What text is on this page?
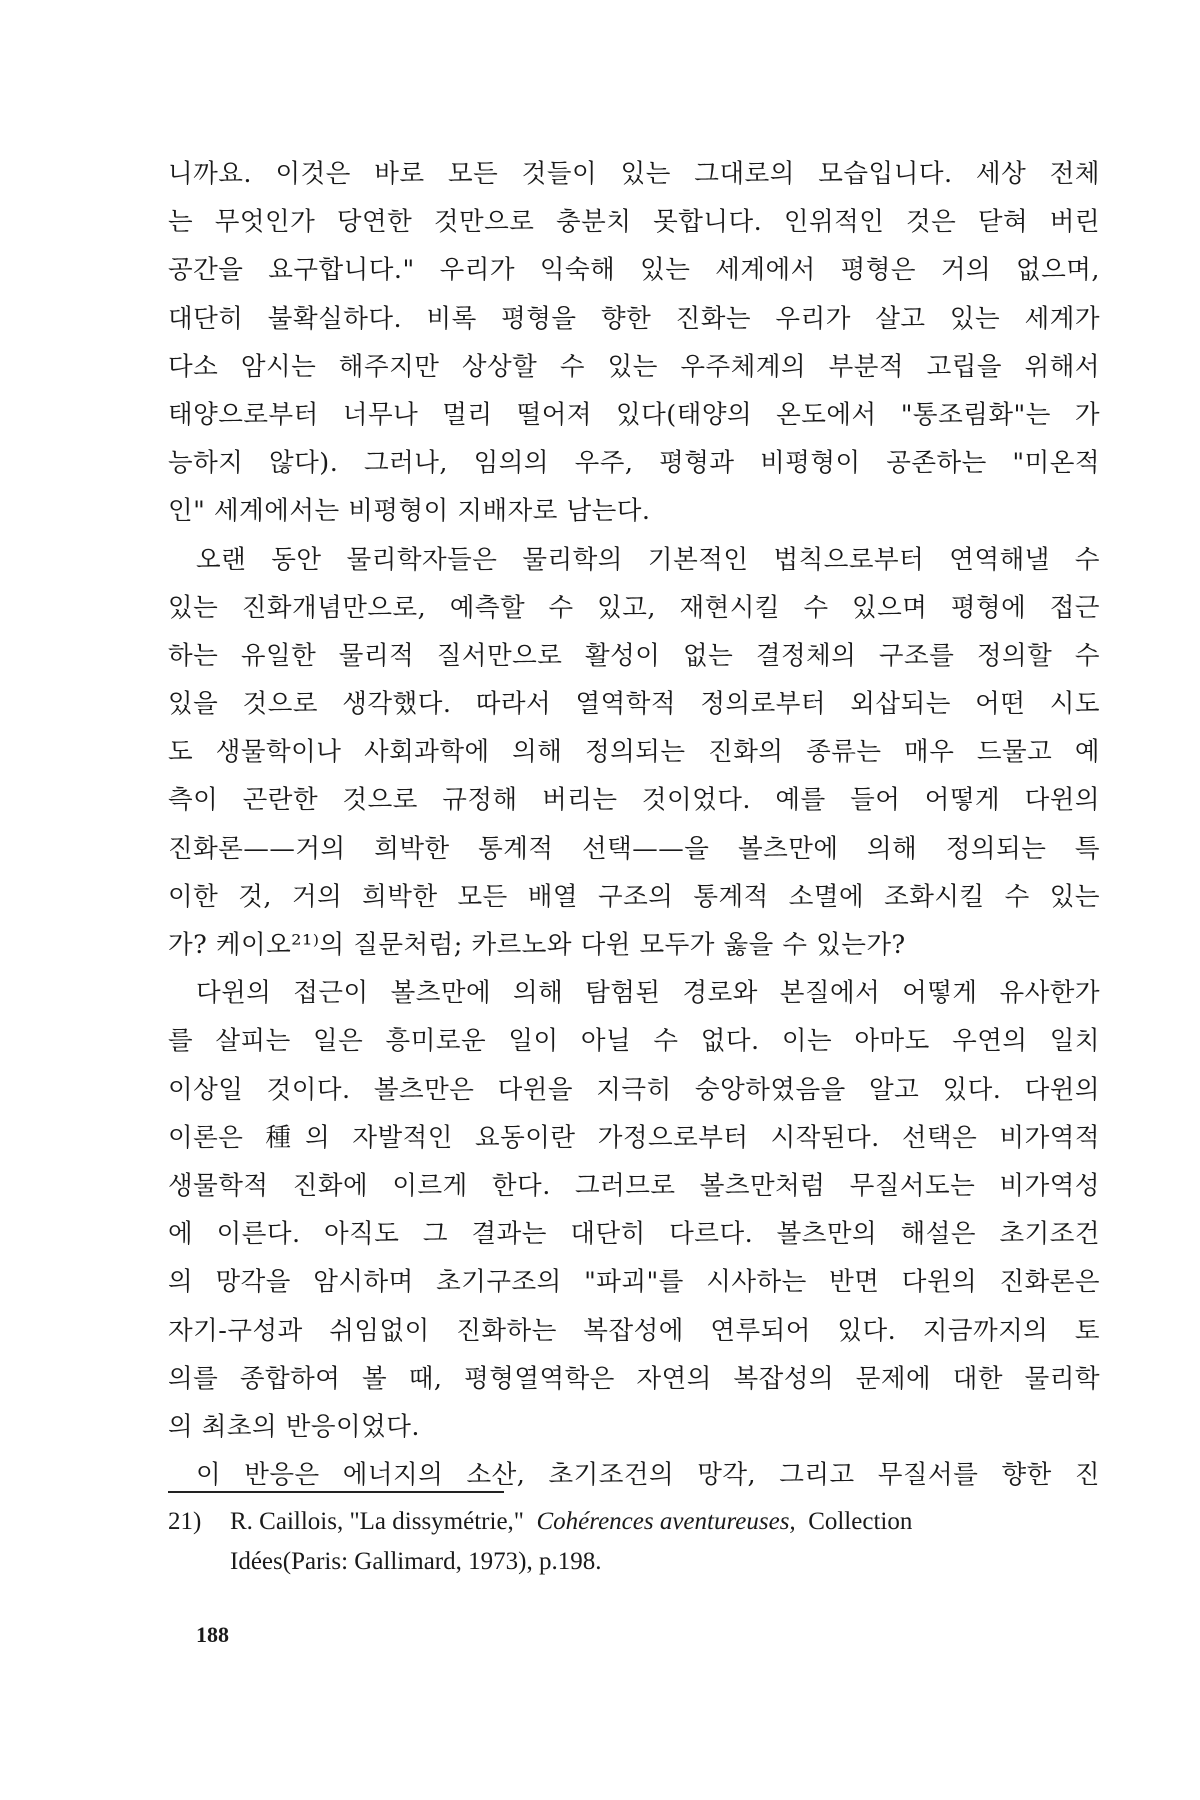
니까요. 이것은 바로 모든 것들이 있는 그대로의 모습입니다. 세상 전체
는 무엇인가 당연한 것만으로 충분치 못합니다. 인위적인 것은 닫혀 버린
공간을 요구합니다." 우리가 익숙해 있는 세계에서 평형은 거의 없으며,
대단히 불확실하다. 비록 평형을 향한 진화는 우리가 살고 있는 세계가
다소 암시는 해주지만 상상할 수 있는 우주체계의 부분적 고립을 위해서
태양으로부터 너무나 멀리 떨어져 있다(태양의 온도에서 "통조림화"는 가
능하지 않다). 그러나, 임의의 우주, 평형과 비평형이 공존하는 "미온적
인" 세계에서는 비평형이 지배자로 남는다.
오랜 동안 물리학자들은 물리학의 기본적인 법칙으로부터 연역해낼 수
있는 진화개념만으로, 예측할 수 있고, 재현시킬 수 있으며 평형에 접근
하는 유일한 물리적 질서만으로 활성이 없는 결정체의 구조를 정의할 수
있을 것으로 생각했다. 따라서 열역학적 정의로부터 외삽되는 어떤 시도
도 생물학이나 사회과학에 의해 정의되는 진화의 종류는 매우 드물고 예
측이 곤란한 것으로 규정해 버리는 것이었다. 예를 들어 어떻게 다윈의
진화론——거의 희박한 통계적 선택——을 볼츠만에 의해 정의되는 특
이한 것, 거의 희박한 모든 배열 구조의 통계적 소멸에 조화시킬 수 있는
가? 케이오²¹⁾의 질문처럼; 카르노와 다윈 모두가 옳을 수 있는가?
다윈의 접근이 볼츠만에 의해 탐험된 경로와 본질에서 어떻게 유사한가
를 살피는 일은 흥미로운 일이 아닐 수 없다. 이는 아마도 우연의 일치
이상일 것이다. 볼츠만은 다윈을 지극히 숭앙하였음을 알고 있다. 다윈의
이론은 種의 자발적인 요동이란 가정으로부터 시작된다. 선택은 비가역적
생물학적 진화에 이르게 한다. 그러므로 볼츠만처럼 무질서도는 비가역성
에 이른다. 아직도 그 결과는 대단히 다르다. 볼츠만의 해설은 초기조건
의 망각을 암시하며 초기구조의 "파괴"를 시사하는 반면 다윈의 진화론은
자기-구성과 쉬임없이 진화하는 복잡성에 연루되어 있다. 지금까지의 토
의를 종합하여 볼 때, 평형열역학은 자연의 복잡성의 문제에 대한 물리학
의 최초의 반응이었다.
이 반응은 에너지의 소산, 초기조건의 망각, 그리고 무질서를 향한 진
21) R. Caillois, "La dissymétrie," Cohérences aventureuses, Collection
Idées(Paris: Gallimard, 1973), p.198.
188
